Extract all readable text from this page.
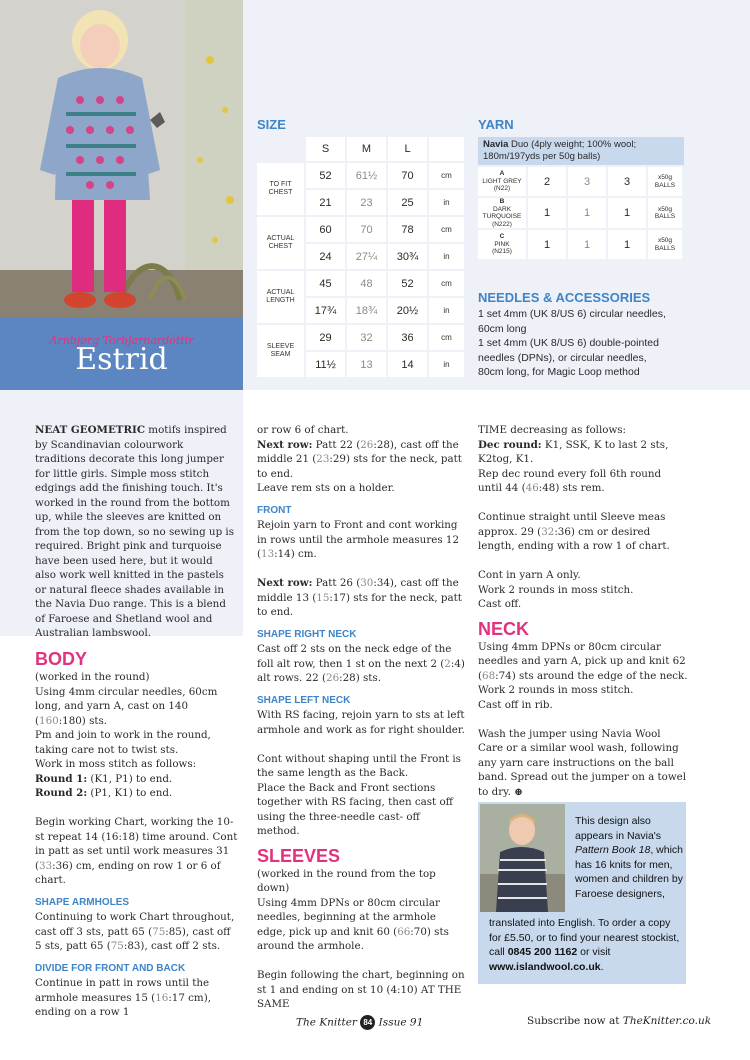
Arnbjørg Torbjarnardóttir
Estrid
SIZE
	S	M	L	
TO FIT CHEST	52	61½	70	cm
	21	23	25	in
ACTUAL CHEST	60	70	78	cm
	24	27¼	30¾	in
ACTUAL LENGTH	45	48	52	cm
	17¾	18¾	20½	in
SLEEVE SEAM	29	32	36	cm
	11½	13	14	in
YARN
Navia Duo (4ply weight; 100% wool; 180m/197yds per 50g balls)
A
LIGHT GREY
(N22)	2	3	3	x50g
BALLS
B
DARK TURQUOISE
(N222)	1	1	1	x50g
BALLS
C
PINK
(N215)	1	1	1	x50g
BALLS
NEEDLES & ACCESSORIES
1 set 4mm (UK 8/US 6) circular needles,
60cm long
1 set 4mm (UK 8/US 6) double-pointed
needles (DPNs), or circular needles,
80cm long, for Magic Loop method

NEAT GEOMETRIC motifs inspired by Scandinavian colourwork traditions decorate this long jumper for little girls. Simple moss stitch edgings add the finishing touch. It's worked in the round from the bottom up, while the sleeves are knitted on from the top down, so no sewing up is required. Bright pink and turquoise have been used here, but it would also work well knitted in the pastels or natural fleece shades available in the Navia Duo range. This is a blend of Faroese and Shetland wool and Australian lambswool.

BODY

(worked in the round)

Using 4mm circular needles, 60cm long, and yarn A, cast on 140 (160:180) sts.

Pm and join to work in the round, taking care not to twist sts.

Work in moss stitch as follows:

Round 1: (K1, P1) to end.

Round 2: (P1, K1) to end.

Begin working Chart, working the 10-st repeat 14 (16:18) time around. Cont in patt as set until work measures 31 (33:36) cm, ending on row 1 or 6 of chart.

SHAPE ARMHOLES

Continuing to work Chart throughout, cast off 3 sts, patt 65 (75:85), cast off 5 sts, patt 65 (75:83), cast off 2 sts.

DIVIDE FOR FRONT AND BACK

Continue in patt in rows until the armhole measures 15 (16:17 cm), ending on a row 1

or row 6 of chart.

Next row: Patt 22 (26:28), cast off the middle 21 (23:29) sts for the neck, patt to end.

Leave rem sts on a holder.

FRONT

Rejoin yarn to Front and cont working in rows until the armhole measures 12 (13:14) cm.

Next row: Patt 26 (30:34), cast off the middle 13 (15:17) sts for the neck, patt to end.

SHAPE RIGHT NECK

Cast off 2 sts on the neck edge of the foll alt row, then 1 st on the next 2 (2:4) alt rows. 22 (26:28) sts.

SHAPE LEFT NECK

With RS facing, rejoin yarn to sts at left armhole and work as for right shoulder.

Cont without shaping until the Front is the same length as the Back.

Place the Back and Front sections together with RS facing, then cast off using the three-needle cast- off method.

SLEEVES

(worked in the round from the top down)

Using 4mm DPNs or 80cm circular needles, beginning at the armhole edge, pick up and knit 60 (66:70) sts around the armhole.

Begin following the chart, beginning on st 1 and ending on st 10 (4:10) AT THE SAME

TIME decreasing as follows:

Dec round: K1, SSK, K to last 2 sts, K2tog, K1.

Rep dec round every foll 6th round until 44 (46:48) sts rem.

Continue straight until Sleeve meas approx. 29 (32:36) cm or desired length, ending with a row 1 of chart.

Cont in yarn A only.

Work 2 rounds in moss stitch.

Cast off.

NECK

Using 4mm DPNs or 80cm circular needles and yarn A, pick up and knit 62 (68:74) sts around the edge of the neck.

Work 2 rounds in moss stitch.

Cast off in rib.

Wash the jumper using Navia Wool Care or a similar wool wash, following any yarn care instructions on the ball band. Spread out the jumper on a towel to dry. ⊕

This design also appears in Navia's Pattern Book 18, which has 16 knits for men, women and children by Faroese designers,
translated into English. To order a copy for £5.50, or to find your nearest stockist, call 0845 200 1162 or visit www.islandwool.co.uk.
The Knitter 84 Issue 91	Subscribe now at TheKnitter.co.uk
